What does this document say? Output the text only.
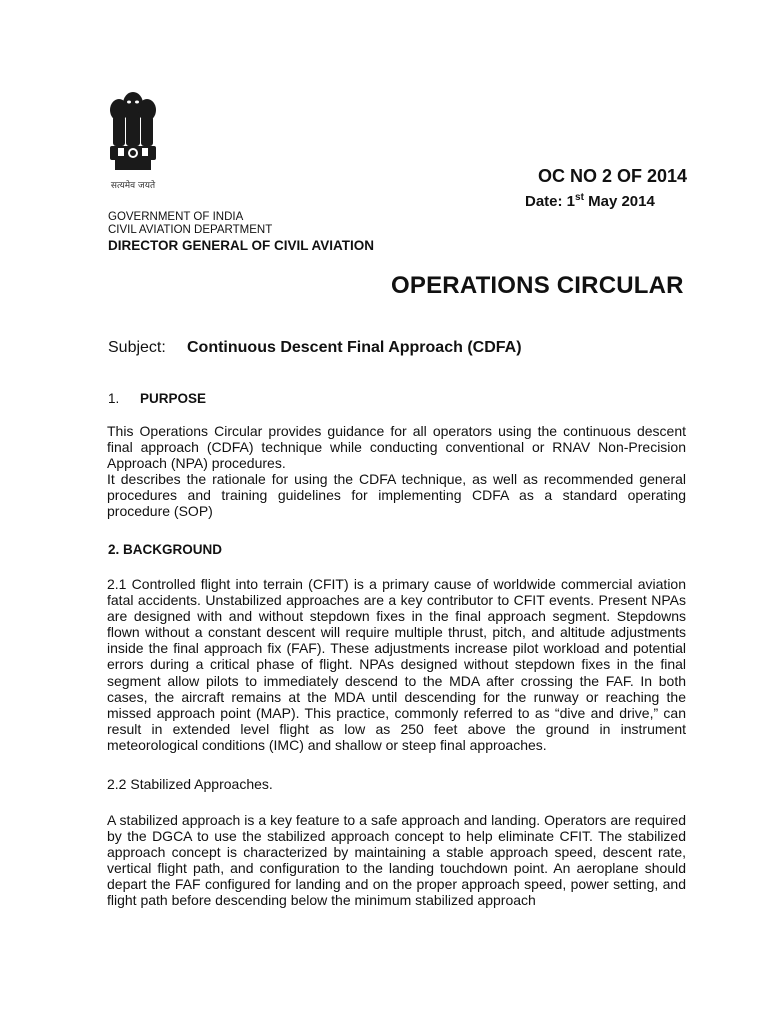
सत्यमेव जयते	OC NO 2 OF 2014
Date: 1st May 2014
GOVERNMENT OF INDIA
CIVIL AVIATION DEPARTMENT
DIRECTOR GENERAL OF CIVIL AVIATION
OPERATIONS CIRCULAR
Subject: Continuous Descent Final Approach (CDFA)
1. PURPOSE
This Operations Circular provides guidance for all operators using the continuous descent final approach (CDFA) technique while conducting conventional or RNAV Non-Precision Approach (NPA) procedures.
It describes the rationale for using the CDFA technique, as well as recommended general procedures and training guidelines for implementing CDFA as a standard operating procedure (SOP)
2. BACKGROUND
2.1 Controlled flight into terrain (CFIT) is a primary cause of worldwide commercial aviation fatal accidents. Unstabilized approaches are a key contributor to CFIT events. Present NPAs are designed with and without stepdown fixes in the final approach segment. Stepdowns flown without a constant descent will require multiple thrust, pitch, and altitude adjustments inside the final approach fix (FAF). These adjustments increase pilot workload and potential errors during a critical phase of flight. NPAs designed without stepdown fixes in the final segment allow pilots to immediately descend to the MDA after crossing the FAF. In both cases, the aircraft remains at the MDA until descending for the runway or reaching the missed approach point (MAP). This practice, commonly referred to as “dive and drive,” can result in extended level flight as low as 250 feet above the ground in instrument meteorological conditions (IMC) and shallow or steep final approaches.
2.2 Stabilized Approaches.
A stabilized approach is a key feature to a safe approach and landing. Operators are required by the DGCA to use the stabilized approach concept to help eliminate CFIT. The stabilized approach concept is characterized by maintaining a stable approach speed, descent rate, vertical flight path, and configuration to the landing touchdown point. An aeroplane should depart the FAF configured for landing and on the proper approach speed, power setting, and flight path before descending below the minimum stabilized approach
